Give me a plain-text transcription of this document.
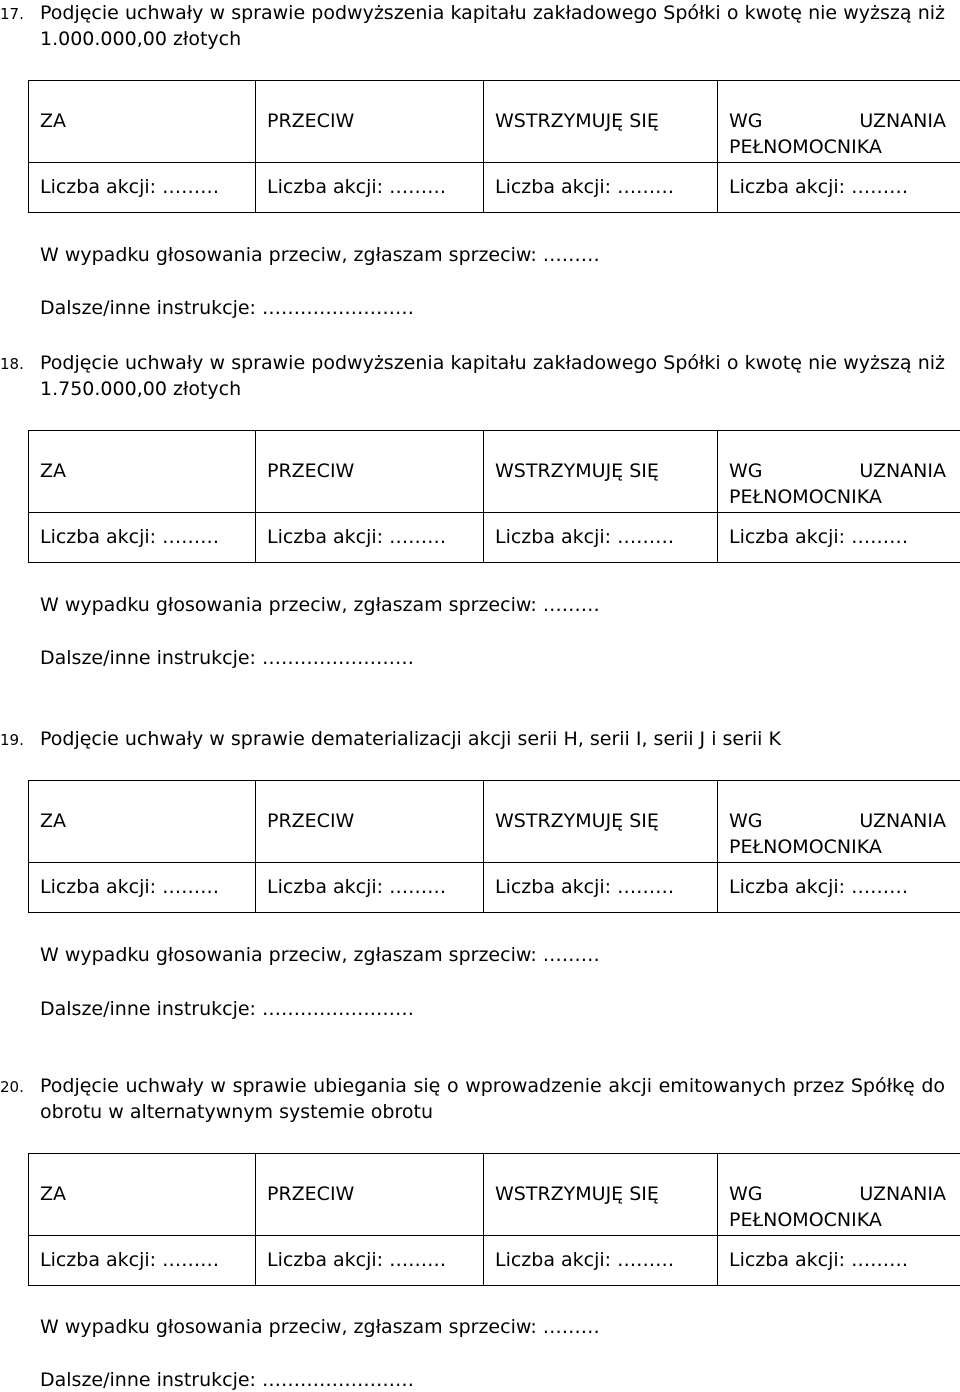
17. Podjęcie uchwały w sprawie podwyższenia kapitału zakładowego Spółki o kwotę nie wyższą niż 1.000.000,00 złotych
ZA	PRZECIW	WSTRZYMUJĘ SIĘ	WG UZNANIA
PEŁNOMOCNIKA

Liczba akcji: ………	Liczba akcji: ………	Liczba akcji: ………	Liczba akcji: ………
W wypadku głosowania przeciw, zgłaszam sprzeciw: ………
Dalsze/inne instrukcje: ……………………
18. Podjęcie uchwały w sprawie podwyższenia kapitału zakładowego Spółki o kwotę nie wyższą niż 1.750.000,00 złotych
ZA	PRZECIW	WSTRZYMUJĘ SIĘ	WG UZNANIA
PEŁNOMOCNIKA

Liczba akcji: ………	Liczba akcji: ………	Liczba akcji: ………	Liczba akcji: ………
W wypadku głosowania przeciw, zgłaszam sprzeciw: ………
Dalsze/inne instrukcje: ……………………
19. Podjęcie uchwały w sprawie dematerializacji akcji serii H, serii I, serii J i serii K
ZA	PRZECIW	WSTRZYMUJĘ SIĘ	WG UZNANIA
PEŁNOMOCNIKA

Liczba akcji: ………	Liczba akcji: ………	Liczba akcji: ………	Liczba akcji: ………
W wypadku głosowania przeciw, zgłaszam sprzeciw: ………
Dalsze/inne instrukcje: ……………………
20. Podjęcie uchwały w sprawie ubiegania się o wprowadzenie akcji emitowanych przez Spółkę do obrotu w alternatywnym systemie obrotu
ZA	PRZECIW	WSTRZYMUJĘ SIĘ	WG UZNANIA
PEŁNOMOCNIKA

Liczba akcji: ………	Liczba akcji: ………	Liczba akcji: ………	Liczba akcji: ………
W wypadku głosowania przeciw, zgłaszam sprzeciw: ………
Dalsze/inne instrukcje: ……………………
